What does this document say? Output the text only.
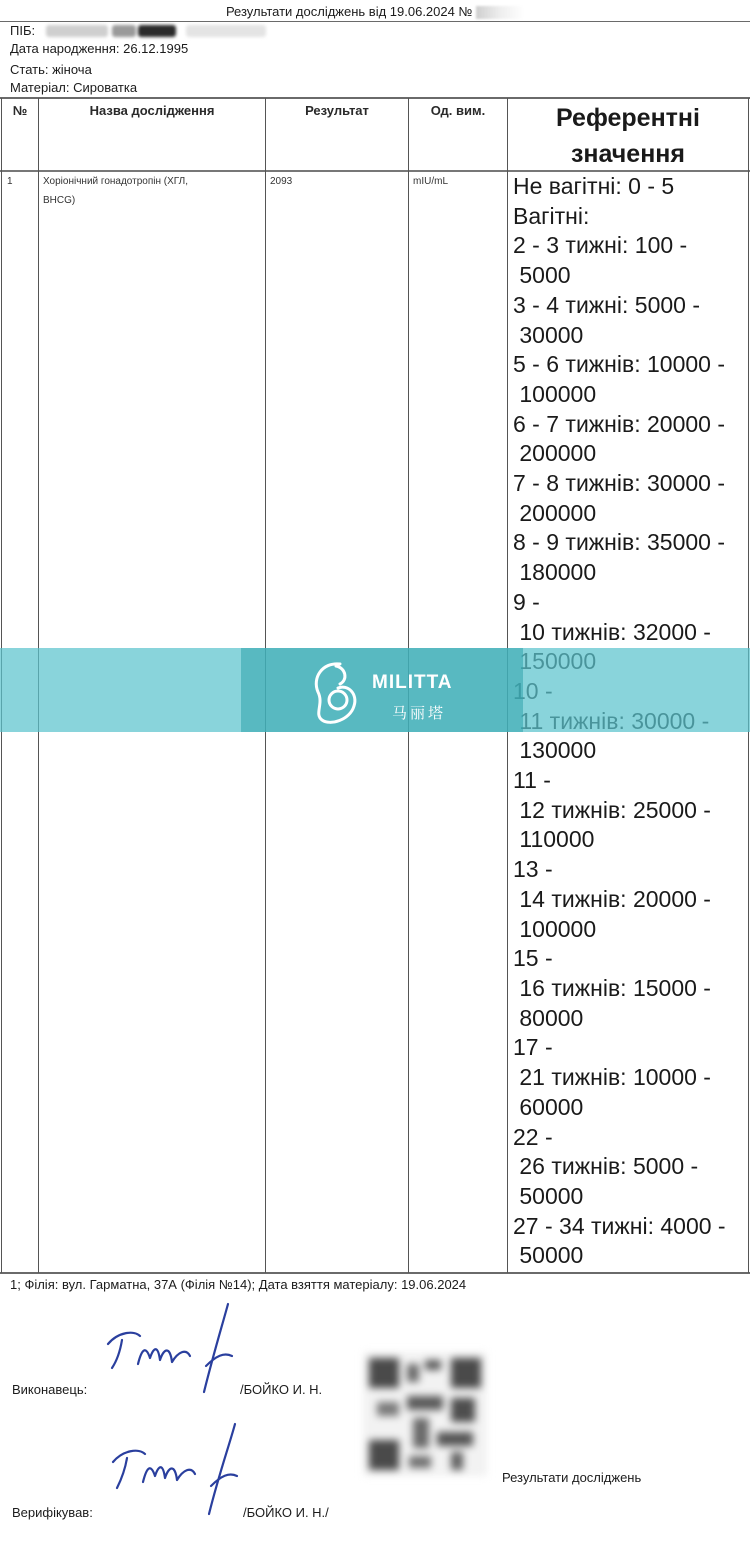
Результати досліджень від 19.06.2024 №
ПІБ:
Дата народження: 26.12.1995
Стать: жіноча
Матеріал: Сироватка
№	Назва дослідження	Результат	Од. вим.	Референтні
значення
1	Хоріонічний гонадотропін (ХГЛ,
BHCG)
2093	mIU/mL	Не вагітні: 0 - 5
Вагітні:
2 - 3 тижні: 100 -
5000
3 - 4 тижні: 5000 -
30000
5 - 6 тижнів: 10000 -
100000
6 - 7 тижнів: 20000 -
200000
7 - 8 тижнів: 30000 -
200000
8 - 9 тижнів: 35000 -
180000
9 -
10 тижнів: 32000 -
130000
11 -
12 тижнів: 25000 -
110000
13 -
14 тижнів: 20000 -
100000
15 -
16 тижнів: 15000 -
80000
17 -
21 тижнів: 10000 -
60000
22 -
26 тижнів: 5000 -
50000
27 - 34 тижні: 4000 -
50000
MILITTA
马丽塔
1; Філія: вул. Гарматна, 37А (Філія №14); Дата взяття матеріалу: 19.06.2024
Виконавець:	/БОЙКО И. Н.
Верифікував:	/БОЙКО И. Н./
Результати досліджень
